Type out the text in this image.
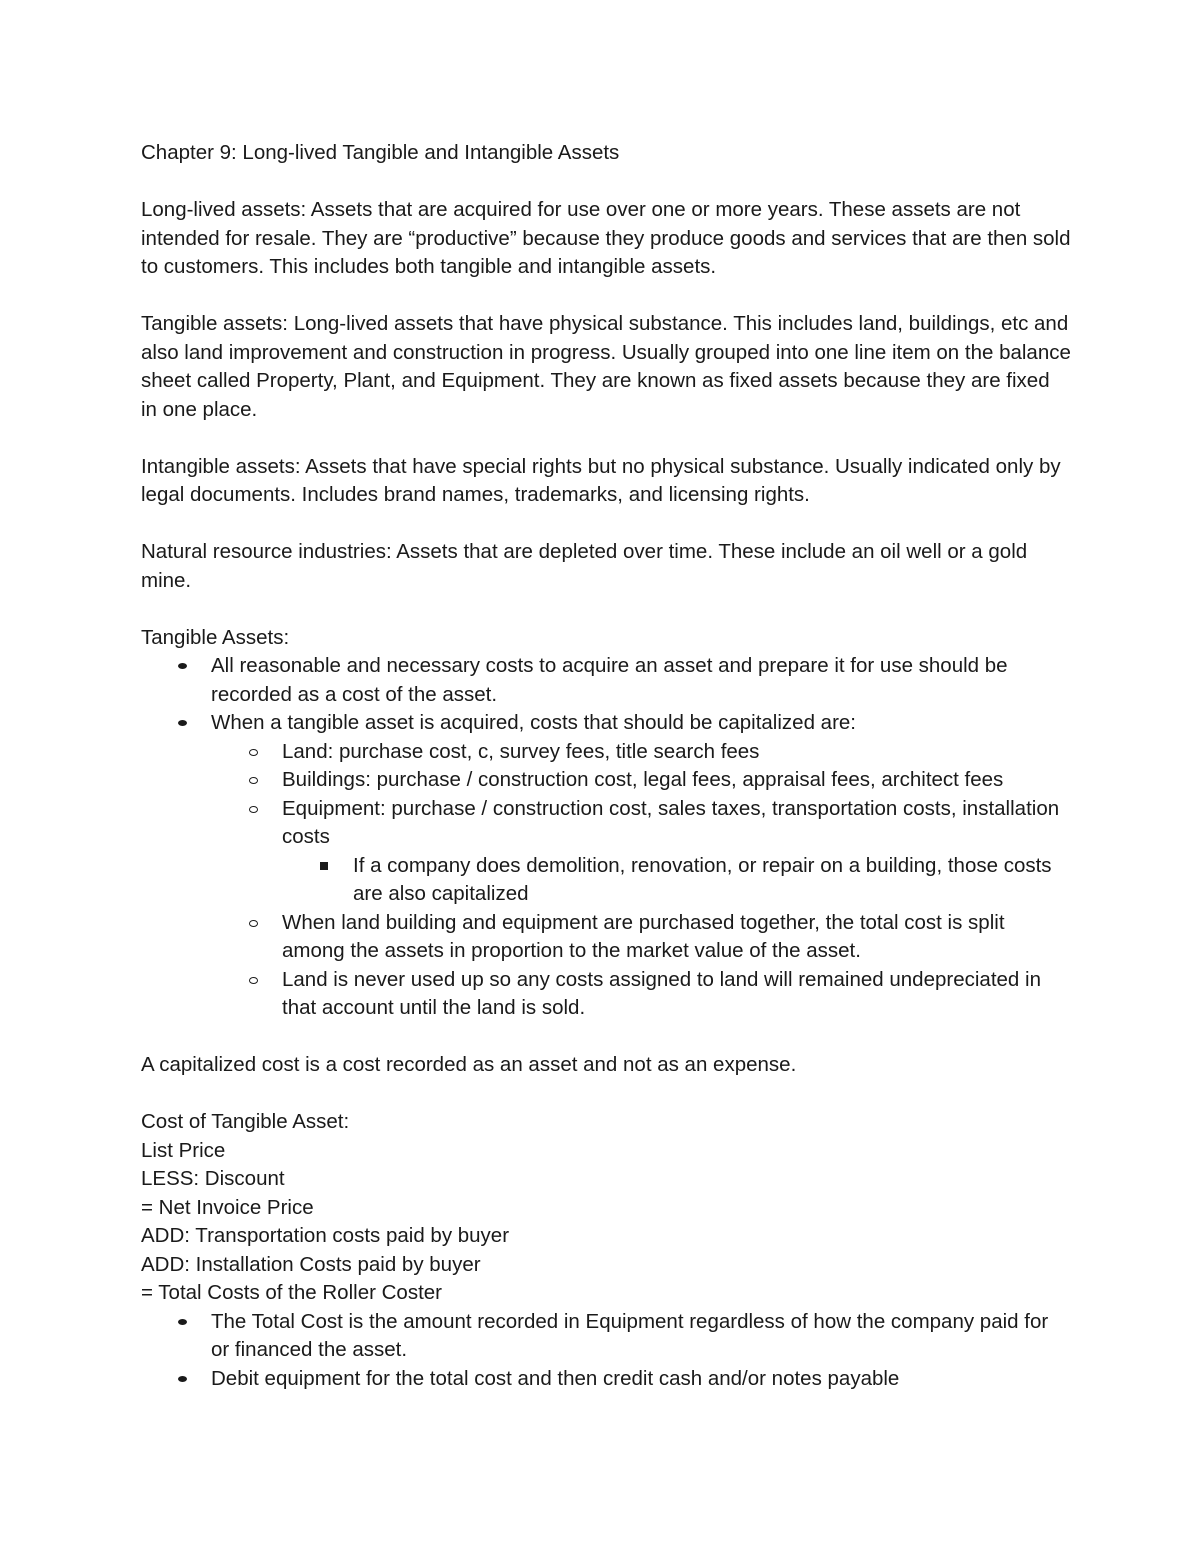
Chapter 9: Long-lived Tangible and Intangible Assets

Long-lived assets: Assets that are acquired for use over one or more years. These assets are not intended for resale. They are “productive” because they produce goods and services that are then sold to customers. This includes both tangible and intangible assets.

Tangible assets: Long-lived assets that have physical substance. This includes land, buildings, etc and also land improvement and construction in progress. Usually grouped into one line item on the balance sheet called Property, Plant, and Equipment. They are known as fixed assets because they are fixed in one place.

Intangible assets: Assets that have special rights but no physical substance. Usually indicated only by legal documents. Includes brand names, trademarks, and licensing rights.

Natural resource industries: Assets that are depleted over time. These include an oil well or a gold mine.

Tangible Assets:

All reasonable and necessary costs to acquire an asset and prepare it for use should be recorded as a cost of the asset.
When a tangible asset is acquired, costs that should be capitalized are:
Land: purchase cost, c, survey fees, title search fees
Buildings: purchase / construction cost, legal fees, appraisal fees, architect fees
Equipment: purchase / construction cost, sales taxes, transportation costs, installation costs
If a company does demolition, renovation, or repair on a building, those costs are also capitalized
When land building and equipment are purchased together, the total cost is split among the assets in proportion to the market value of the asset.
Land is never used up so any costs assigned to land will remained undepreciated in that account until the land is sold.

A capitalized cost is a cost recorded as an asset and not as an expense.

Cost of Tangible Asset:

List Price

LESS: Discount

= Net Invoice Price

ADD: Transportation costs paid by buyer

ADD: Installation Costs paid by buyer

= Total Costs of the Roller Coster

The Total Cost is the amount recorded in Equipment regardless of how the company paid for or financed the asset.
Debit equipment for the total cost and then credit cash and/or notes payable
